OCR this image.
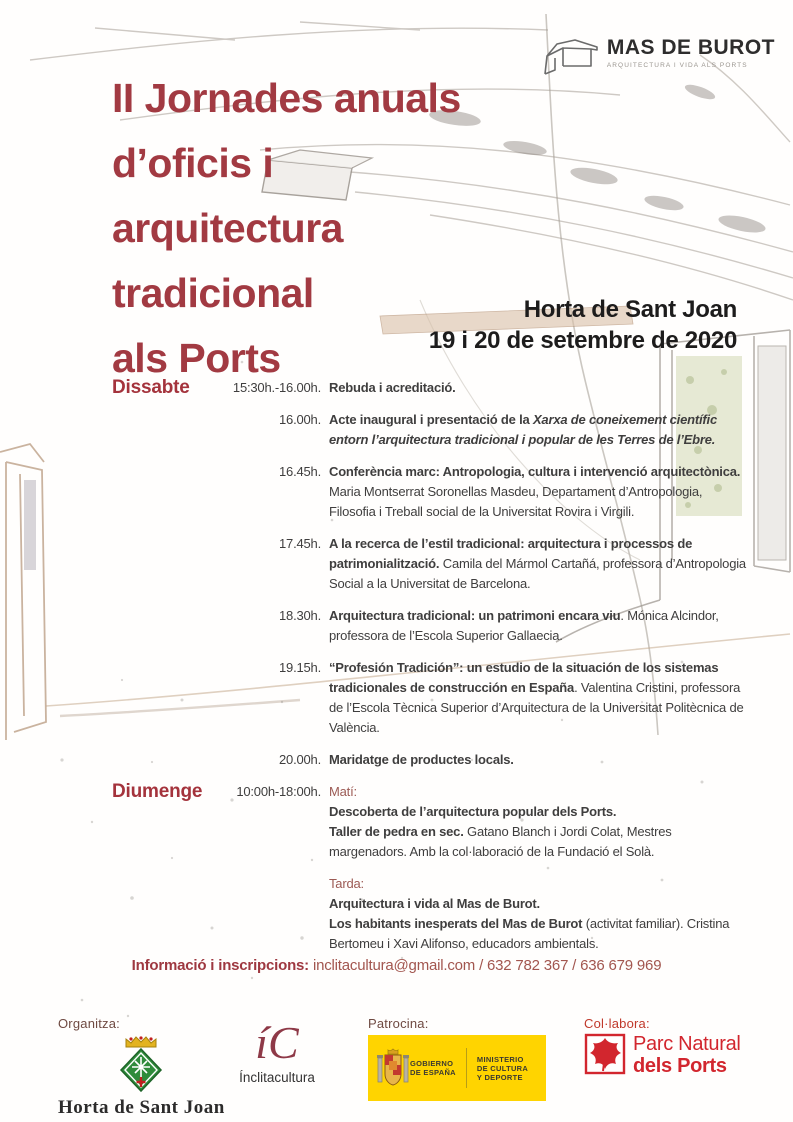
MAS DE BUROT
ARQUITECTURA I VIDA ALS PORTS
II Jornades anuals
d’oficis i
arquitectura
tradicional
als Ports
Horta de Sant Joan
19 i 20 de setembre de 2020
Dissabte	15:30h.-16.00h. Rebuda i acreditació.
16.00h. Acte inaugural i presentació de la Xarxa de coneixement científic entorn l’arquitectura tradicional i popular de les Terres de l’Ebre.
16.45h. Conferència marc: Antropologia, cultura i intervenció arquitectònica. Maria Montserrat Soronellas Masdeu, Departament d’Antropologia, Filosofia i Treball social de la Universitat Rovira i Virgili.
17.45h. A la recerca de l’estil tradicional: arquitectura i processos de patrimonialització. Camila del Mármol Cartañá, professora d’Antropologia Social a la Universitat de Barcelona.
18.30h. Arquitectura tradicional: un patrimoni encara viu. Mónica Alcindor, professora de l’Escola Superior Gallaecia.
19.15h. “Profesión Tradición”: un estudio de la situación de los sistemas tradicionales de construcción en España. Valentina Cristini, professora de l’Escola Tècnica Superior d’Arquitectura de la Universitat Politècnica de València.
20.00h. Maridatge de productes locals.
Diumenge	10:00h-18:00h. Matí:
Descoberta de l’arquitectura popular dels Ports.
Taller de pedra en sec. Gatano Blanch i Jordi Colat, Mestres margenadors. Amb la col·laboració de la Fundació el Solà.
Tarda:
Arquitectura i vida al Mas de Burot.
Los habitants inesperats del Mas de Burot (activitat familiar). Cristina Bertomeu i Xavi Alifonso, educadors ambientals.
Informació i inscripcions: inclitacultura@gmail.com / 632 782 367 / 636 679 969
Organitza:
Horta de Sant Joan
íC
Ínclitacultura
Patrocina:
GOBIERNO
DE ESPAÑA
MINISTERIO
DE CULTURA
Y DEPORTE
Col·labora:
Parc Natural
dels Ports
